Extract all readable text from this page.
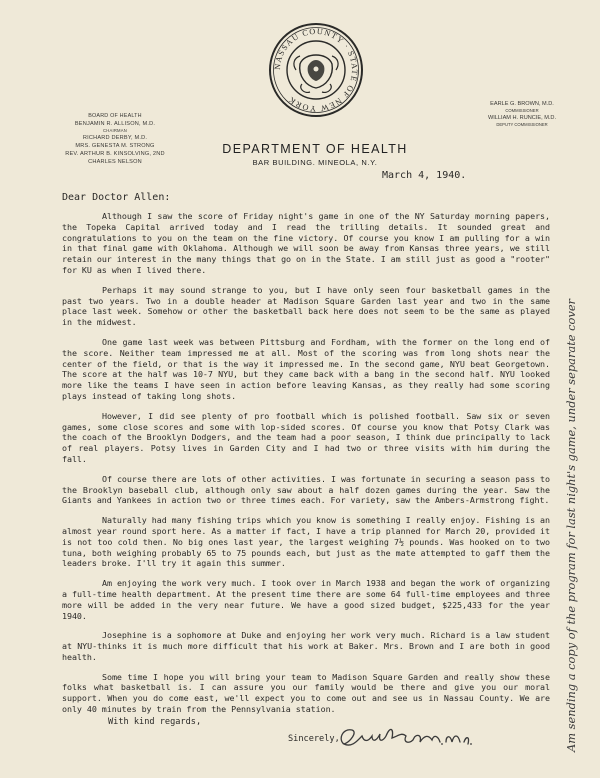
NASSAU COUNTY · STATE OF NEW YORK
BOARD OF HEALTH
BENJAMIN R. ALLISON, M.D.
CHAIRMAN
RICHARD DERBY, M.D.
MRS. GENESTA M. STRONG
REV. ARTHUR B. KINSOLVING, 2ND
CHARLES NELSON
EARLE G. BROWN, M.D.
COMMISSIONER
WILLIAM H. RUNCIE, M.D.
DEPUTY COMMISSIONER
DEPARTMENT OF HEALTH
BAR BUILDING. MINEOLA, N.Y.
March 4, 1940.
Dear Doctor Allen:

Although I saw the score of Friday night's game in one of the NY Saturday morning papers, the Topeka Capital arrived today and I read the trilling details. It sounded great and congratulations to you on the team on the fine victory. Of course you know I am pulling for a win in that final game with Oklahoma. Although we will soon be away from Kansas three years, we still retain our interest in the many things that go on in the State. I am still just as good a "rooter" for KU as when I lived there.

Perhaps it may sound strange to you, but I have only seen four basketball games in the past two years. Two in a double header at Madison Square Garden last year and two in the same place last week. Somehow or other the basketball back here does not seem to be the same as played in the midwest.

One game last week was between Pittsburg and Fordham, with the former on the long end of the score. Neither team impressed me at all. Most of the scoring was from long shots near the center of the field, or that is the way it impressed me. In the second game, NYU beat Georgetown. The score at the half was 10-7 NYU, but they came back with a bang in the second half. NYU looked more like the teams I have seen in action before leaving Kansas, as they really had some scoring plays instead of taking long shots.

However, I did see plenty of pro football which is polished football. Saw six or seven games, some close scores and some with lop-sided scores. Of course you know that Potsy Clark was the coach of the Brooklyn Dodgers, and the team had a poor season, I think due principally to lack of real players. Potsy lives in Garden City and I had two or three visits with him during the fall.

Of course there are lots of other activities. I was fortunate in securing a season pass to the Brooklyn baseball club, although only saw about a half dozen games during the year. Saw the Giants and Yankees in action two or three times each. For variety, saw the Ambers-Armstrong fight.

Naturally had many fishing trips which you know is something I really enjoy. Fishing is an almost year round sport here. As a matter if fact, I have a trip planned for March 20, provided it is not too cold then. No big ones last year, the largest weighing 7½ pounds. Was hooked on to two tuna, both weighing probably 65 to 75 pounds each, but just as the mate attempted to gaff them the leaders broke. I'll try it again this summer.

Am enjoying the work very much. I took over in March 1938 and began the work of organizing a full-time health department. At the present time there are some 64 full-time employees and three more will be added in the very near future. We have a good sized budget, $225,433 for the year 1940.

Josephine is a sophomore at Duke and enjoying her work very much. Richard is a law student at NYU-thinks it is much more difficult that his work at Baker. Mrs. Brown and I are both in good health.

Some time I hope you will bring your team to Madison Square Garden and really show these folks what basketball is. I can assure you our family would be there and give you our moral support. When you do come east, we'll expect you to come out and see us in Nassau County. We are only 40 minutes by train from the Pennsylvania station.

With kind regards,
Sincerely,	Am sending a copy of the program for last night's game, under separate cover
